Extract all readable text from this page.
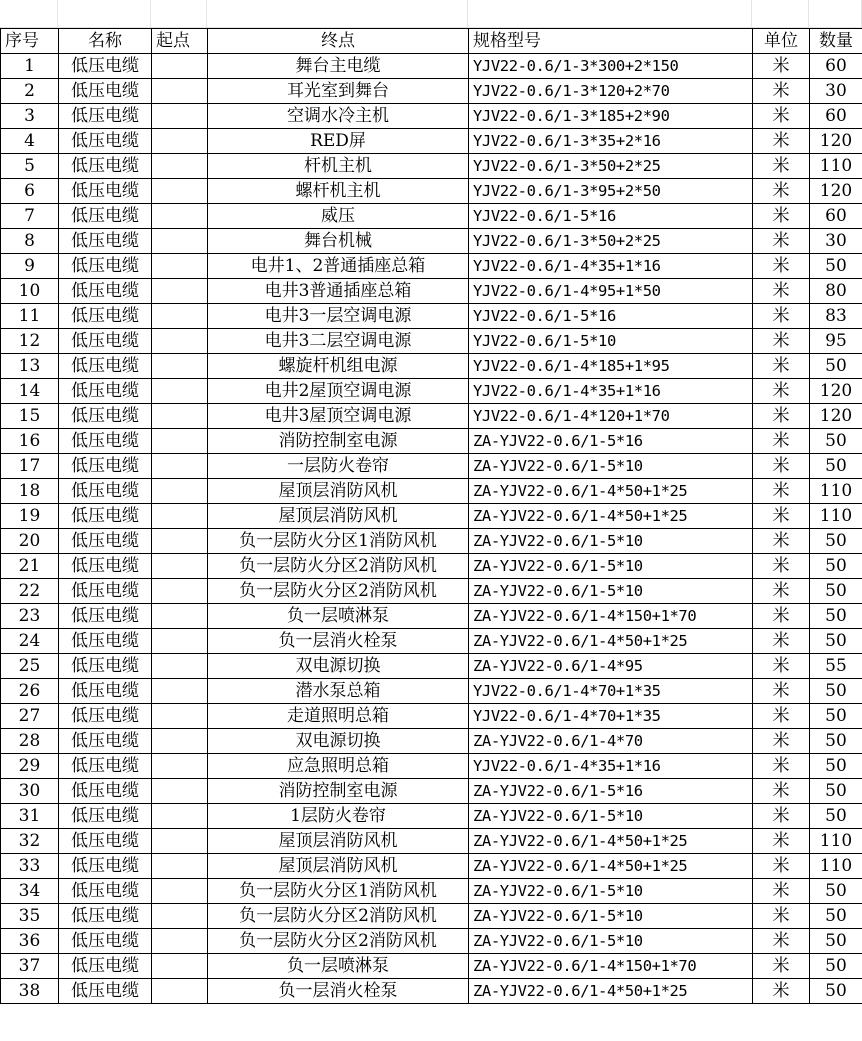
序号	名称	起点	终点	规格型号	单位	数量
1	低压电缆		舞台主电缆	YJV22-0.6/1-3*300+2*150	米	60
2	低压电缆		耳光室到舞台	YJV22-0.6/1-3*120+2*70	米	30
3	低压电缆		空调水冷主机	YJV22-0.6/1-3*185+2*90	米	60
4	低压电缆		RED屏	YJV22-0.6/1-3*35+2*16	米	120
5	低压电缆		杆机主机	YJV22-0.6/1-3*50+2*25	米	110
6	低压电缆		螺杆机主机	YJV22-0.6/1-3*95+2*50	米	120
7	低压电缆		威压	YJV22-0.6/1-5*16	米	60
8	低压电缆		舞台机械	YJV22-0.6/1-3*50+2*25	米	30
9	低压电缆		电井1、2普通插座总箱	YJV22-0.6/1-4*35+1*16	米	50
10	低压电缆		电井3普通插座总箱	YJV22-0.6/1-4*95+1*50	米	80
11	低压电缆		电井3一层空调电源	YJV22-0.6/1-5*16	米	83
12	低压电缆		电井3二层空调电源	YJV22-0.6/1-5*10	米	95
13	低压电缆		螺旋杆机组电源	YJV22-0.6/1-4*185+1*95	米	50
14	低压电缆		电井2屋顶空调电源	YJV22-0.6/1-4*35+1*16	米	120
15	低压电缆		电井3屋顶空调电源	YJV22-0.6/1-4*120+1*70	米	120
16	低压电缆		消防控制室电源	ZA-YJV22-0.6/1-5*16	米	50
17	低压电缆		一层防火卷帘	ZA-YJV22-0.6/1-5*10	米	50
18	低压电缆		屋顶层消防风机	ZA-YJV22-0.6/1-4*50+1*25	米	110
19	低压电缆		屋顶层消防风机	ZA-YJV22-0.6/1-4*50+1*25	米	110
20	低压电缆		负一层防火分区1消防风机	ZA-YJV22-0.6/1-5*10	米	50
21	低压电缆		负一层防火分区2消防风机	ZA-YJV22-0.6/1-5*10	米	50
22	低压电缆		负一层防火分区2消防风机	ZA-YJV22-0.6/1-5*10	米	50
23	低压电缆		负一层喷淋泵	ZA-YJV22-0.6/1-4*150+1*70	米	50
24	低压电缆		负一层消火栓泵	ZA-YJV22-0.6/1-4*50+1*25	米	50
25	低压电缆		双电源切换	ZA-YJV22-0.6/1-4*95	米	55
26	低压电缆		潜水泵总箱	YJV22-0.6/1-4*70+1*35	米	50
27	低压电缆		走道照明总箱	YJV22-0.6/1-4*70+1*35	米	50
28	低压电缆		双电源切换	ZA-YJV22-0.6/1-4*70	米	50
29	低压电缆		应急照明总箱	YJV22-0.6/1-4*35+1*16	米	50
30	低压电缆		消防控制室电源	ZA-YJV22-0.6/1-5*16	米	50
31	低压电缆		1层防火卷帘	ZA-YJV22-0.6/1-5*10	米	50
32	低压电缆		屋顶层消防风机	ZA-YJV22-0.6/1-4*50+1*25	米	110
33	低压电缆		屋顶层消防风机	ZA-YJV22-0.6/1-4*50+1*25	米	110
34	低压电缆		负一层防火分区1消防风机	ZA-YJV22-0.6/1-5*10	米	50
35	低压电缆		负一层防火分区2消防风机	ZA-YJV22-0.6/1-5*10	米	50
36	低压电缆		负一层防火分区2消防风机	ZA-YJV22-0.6/1-5*10	米	50
37	低压电缆		负一层喷淋泵	ZA-YJV22-0.6/1-4*150+1*70	米	50
38	低压电缆		负一层消火栓泵	ZA-YJV22-0.6/1-4*50+1*25	米	50
